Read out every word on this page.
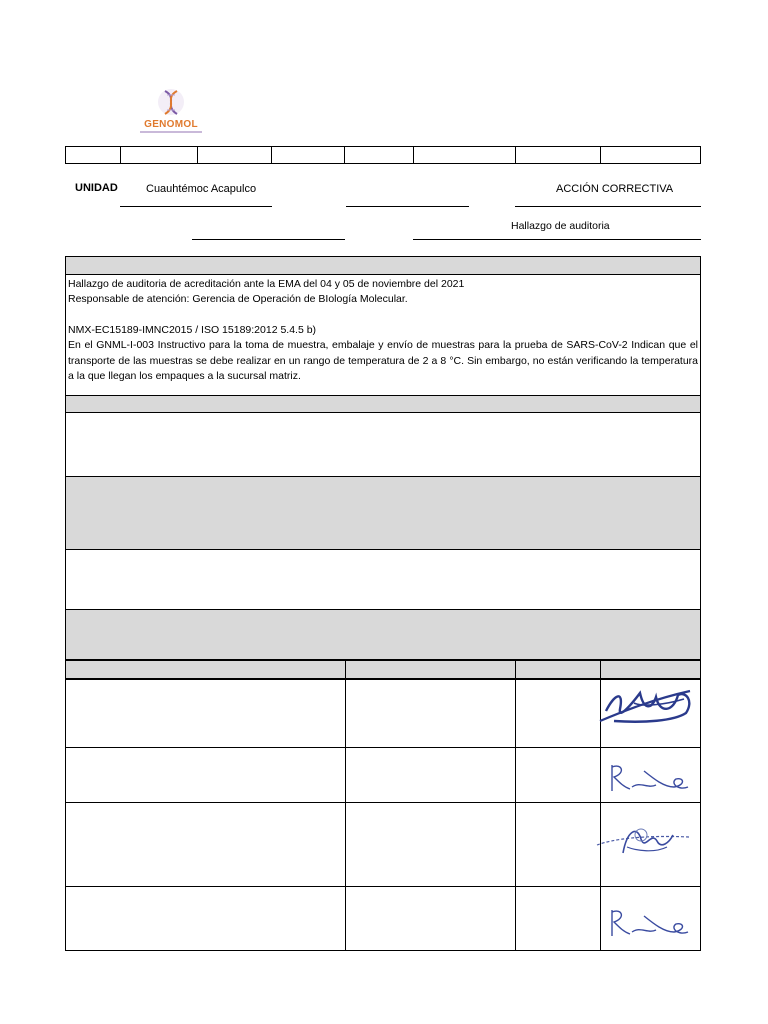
GENOMOL
UNIDAD	Cuauhtémoc Acapulco	ACCIÓN CORRECTIVA
Hallazgo de auditoria

Hallazgo de auditoria de acreditación ante la EMA del 04 y 05 de noviembre del 2021

Responsable de atención: Gerencia de Operación de BIología Molecular.

NMX-EC15189-IMNC2015 / ISO 15189:2012 5.4.5 b)

En el GNML-I-003 Instructivo para la toma de muestra, embalaje y envío de muestras para la prueba de SARS-CoV-2 Indican que el transporte de las muestras se debe realizar en un rango de temperatura de 2 a 8 °C. Sin embargo, no están verificando la temperatura a la que llegan los empaques a la sucursal matriz.
